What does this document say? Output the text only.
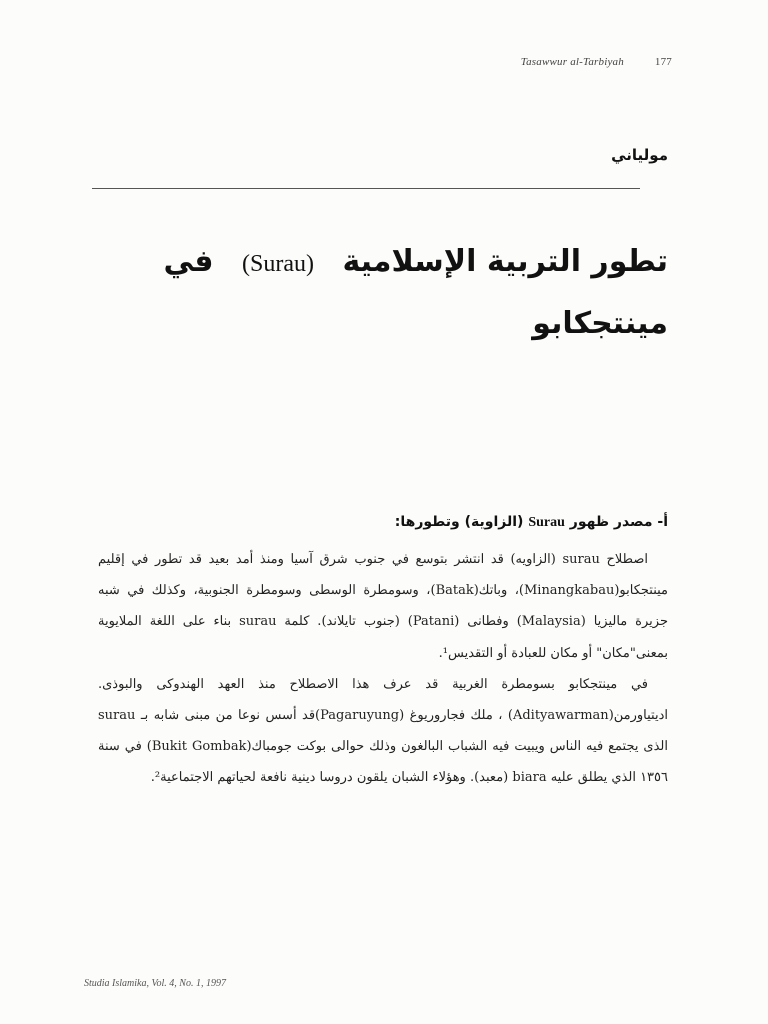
Tasawwur al-Tarbiyah	177
مولياني
تطور التربية الإسلامية (Surau) في
مينتجكابو
أ- مصدر ظهور Surau (الزاوية) وتطورها:

اصطلاح surau (الزاويه) قد انتشر بتوسع في جنوب شرق آسيا ومنذ أمد بعيد قد تطور في إقليم مينتجكابو(Minangkabau)، وباتك(Batak)، وسومطرة الوسطى وسومطرة الجنوبية، وكذلك في شبه جزيرة ماليزيا (Malaysia) وفطانى (Patani) (جنوب تايلاند). كلمة surau بناء على اللغة الملايوية بمعنى"مكان" أو مكان للعبادة أو التقديس¹.

في مينتجكابو بسومطرة الغربية قد عرف هذا الاصطلاح منذ العهد الهندوكى والبوذى. اديتياورمن(Adityawarman) ، ملك فجاروريوغ (Pagaruyung)قد أسس نوعا من مبنى شابه بـ surau الذى يجتمع فيه الناس ويبيت فيه الشباب البالغون وذلك حوالى بوكت جومباك(Bukit Gombak) في سنة ١٣٥٦ الذي يطلق عليه biara (معبد). وهؤلاء الشبان يلقون دروسا دينية نافعة لحياتهم الاجتماعية².

Studia Islamika, Vol. 4, No. 1, 1997
